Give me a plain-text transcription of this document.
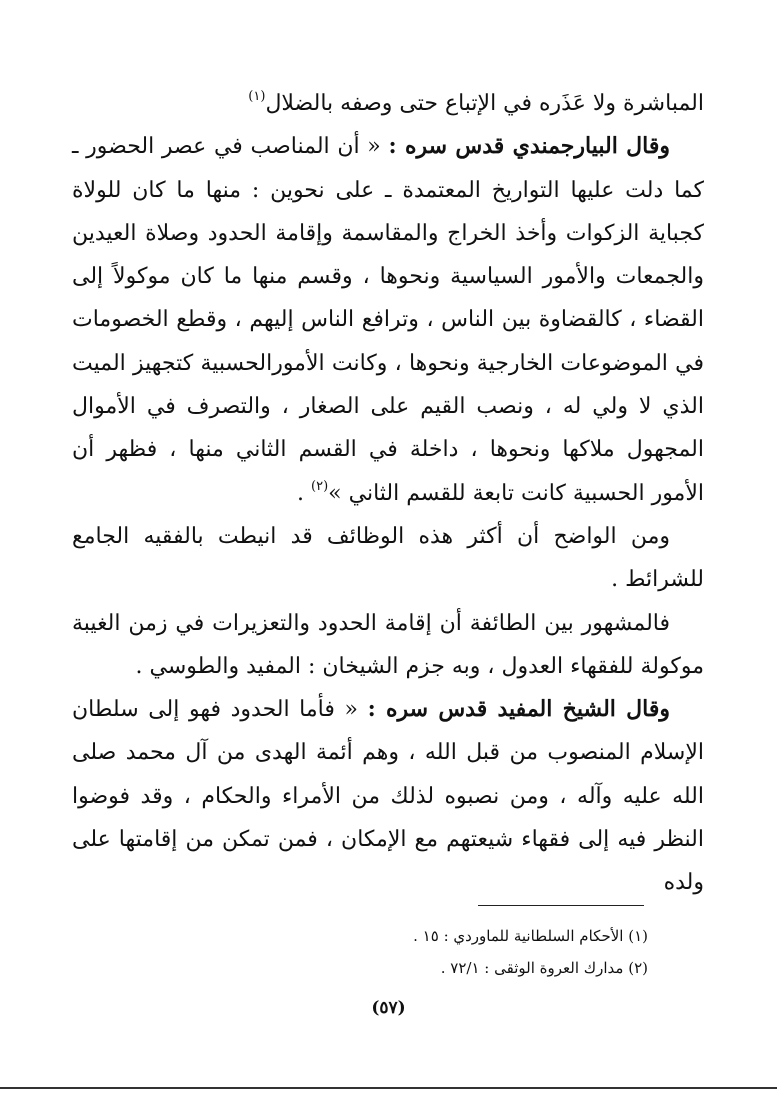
المباشرة ولا عَذَره في الإتباع حتى وصفه بالضلال$^{(١)}$

وقال البيارجمندي قدس سره : « أن المناصب في عصر الحضور ـ كما دلت عليها التواريخ المعتمدة ـ على نحوين : منها ما كان للولاة كجباية الزكوات وأخذ الخراج والمقاسمة وإقامة الحدود وصلاة العيدين والجمعات والأمور السياسية ونحوها ، وقسم منها ما كان موكولاً إلى القضاء ، كالقضاوة بين الناس ، وترافع الناس إليهم ، وقطع الخصومات في الموضوعات الخارجية ونحوها ، وكانت الأمورالحسبية كتجهيز الميت الذي لا ولي له ، ونصب القيم على الصغار ، والتصرف في الأموال المجهول ملاكها ونحوها ، داخلة في القسم الثاني منها ، فظهر أن الأمور الحسبية كانت تابعة للقسم الثاني »$^{(٢)}$ .

ومن الواضح أن أكثر هذه الوظائف قد انيطت بالفقيه الجامع للشرائط .

فالمشهور بين الطائفة أن إقامة الحدود والتعزيرات في زمن الغيبة موكولة للفقهاء العدول ، وبه جزم الشيخان : المفيد والطوسي .

وقال الشيخ المفيد قدس سره : « فأما الحدود فهو إلى سلطان الإسلام المنصوب من قبل الله ، وهم أئمة الهدى من آل محمد صلى الله عليه وآله ، ومن نصبوه لذلك من الأمراء والحكام ، وقد فوضوا النظر فيه إلى فقهاء شيعتهم مع الإمكان ، فمن تمكن من إقامتها على ولده

(١) الأحكام السلطانية للماوردي : ١٥ .
(٢) مدارك العروة الوثقى : ٧٢/١ .
(٥٧)
